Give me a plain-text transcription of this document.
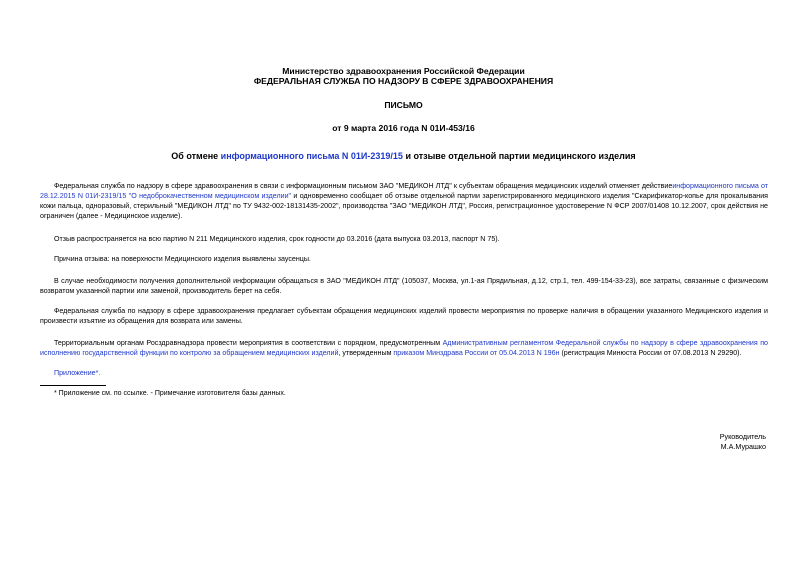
Министерство здравоохранения Российской Федерации
ФЕДЕРАЛЬНАЯ СЛУЖБА ПО НАДЗОРУ В СФЕРЕ ЗДРАВООХРАНЕНИЯ
ПИСЬМО
от 9 марта 2016 года N 01И-453/16
Об отмене информационного письма N 01И-2319/15 и отзыве отдельной партии медицинского изделия
Федеральная служба по надзору в сфере здравоохранения в связи с информационным письмом ЗАО "МЕДИКОН ЛТД" к субъектам обращения медицинских изделий отменяет действиеинформационного письма от 28.12.2015 N 01И-2319/15 "О недоброкачественном медицинском изделии" и одновременно сообщает об отзыве отдельной партии зарегистрированного медицинского изделия "Скарификатор-копье для прокалывания кожи пальца, одноразовый, стерильный "МЕДИКОН ЛТД" по ТУ 9432-002-18131435-2002", производства "ЗАО "МЕДИКОН ЛТД", Россия, регистрационное удостоверение N ФСР 2007/01408 10.12.2007, срок действия не ограничен (далее - Медицинское изделие).
Отзыв распространяется на всю партию N 211 Медицинского изделия, срок годности до 03.2016 (дата выпуска 03.2013, паспорт N 75).
Причина отзыва: на поверхности Медицинского изделия выявлены заусенцы.
В случае необходимости получения дополнительной информации обращаться в ЗАО "МЕДИКОН ЛТД" (105037, Москва, ул.1-ая Прядильная, д.12, стр.1, тел. 499-154-33-23), все затраты, связанные с физическим возвратом указанной партии или заменой, производитель берет на себя.
Федеральная служба по надзору в сфере здравоохранения предлагает субъектам обращения медицинских изделий провести мероприятия по проверке наличия в обращении указанного Медицинского изделия и произвести изъятие из обращения для возврата или замены.
Территориальным органам Росздравнадзора провести мероприятия в соответствии с порядком, предусмотренным Административным регламентом Федеральной службы по надзору в сфере здравоохранения по исполнению государственной функции по контролю за обращением медицинских изделий, утвержденным приказом Минздрава России от 05.04.2013 N 196н (регистрация Минюста России от 07.08.2013 N 29290).
Приложение*.
* Приложение см. по ссылке. - Примечание изготовителя базы данных.
Руководитель
М.А.Мурашко
